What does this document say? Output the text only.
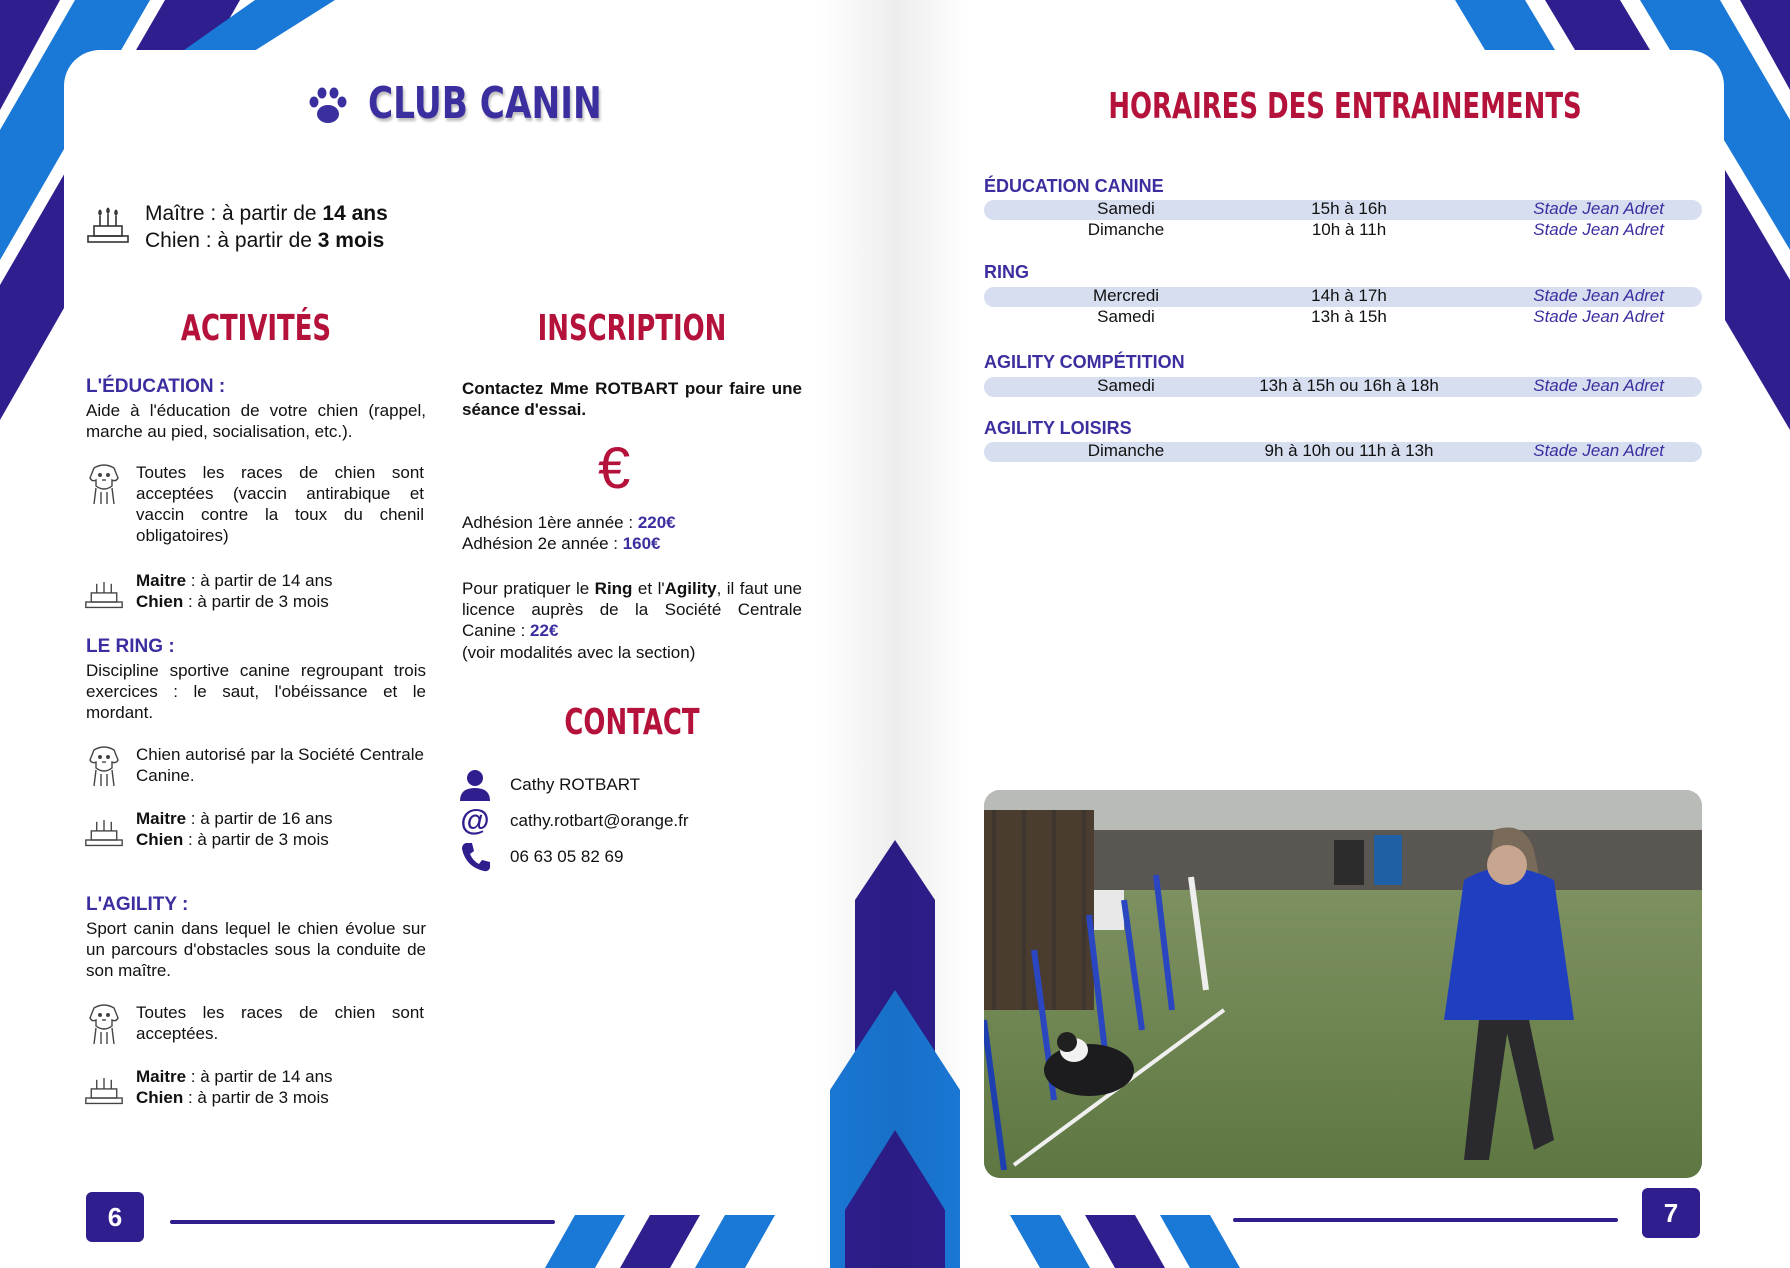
CLUB CANIN
Maître : à partir de 14 ans
Chien : à partir de 3 mois
ACTIVITÉS
L'ÉDUCATION :
Aide à l'éducation de votre chien (rappel, marche au pied, socialisation, etc.).
Toutes les races de chien sont acceptées (vaccin antirabique et vaccin contre la toux du chenil obligatoires)
Maitre : à partir de 14 ans
Chien : à partir de 3 mois
LE RING :
Discipline sportive canine regroupant trois exercices : le saut, l'obéissance et le mordant.
Chien autorisé par la Société Centrale Canine.
Maitre : à partir de 16 ans
Chien : à partir de 3 mois
L'AGILITY :
Sport canin dans lequel le chien évolue sur un parcours d'obstacles sous la conduite de son maître.
Toutes les races de chien sont acceptées.
Maitre : à partir de 14 ans
Chien : à partir de 3 mois
INSCRIPTION
Contactez Mme ROTBART pour faire une séance d'essai.
€
Adhésion 1ère année : 220€
Adhésion 2e année : 160€
Pour pratiquer le Ring et l'Agility, il faut une licence auprès de la Société Centrale Canine : 22€
(voir modalités avec la section)
CONTACT
Cathy ROTBART
@ cathy.rotbart@orange.fr
06 63 05 82 69
6
HORAIRES DES ENTRAINEMENTS
ÉDUCATION CANINE
Samedi	15h à 16h	Stade Jean Adret
Dimanche	10h à 11h	Stade Jean Adret
RING
Mercredi	14h à 17h	Stade Jean Adret
Samedi	13h à 15h	Stade Jean Adret
AGILITY COMPÉTITION
Samedi	13h à 15h ou 16h à 18h	Stade Jean Adret
AGILITY LOISIRS
Dimanche	9h à 10h ou 11h à 13h	Stade Jean Adret
7
